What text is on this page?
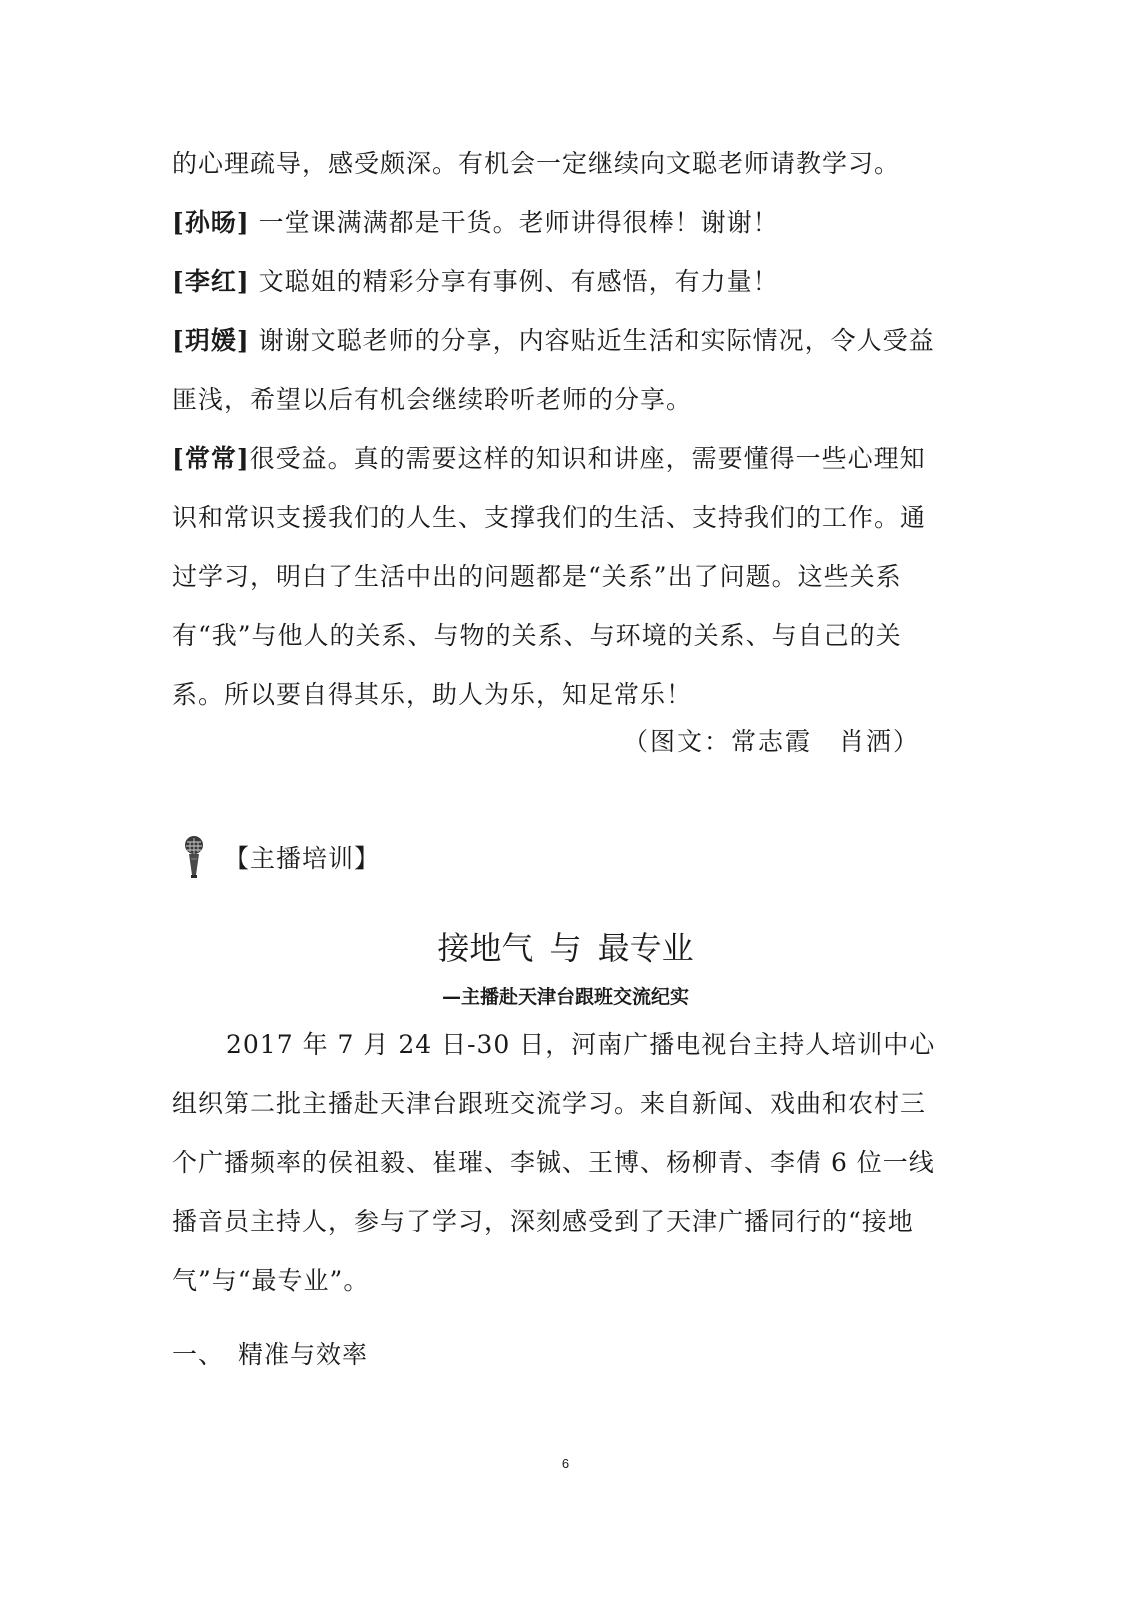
的心理疏导，感受颇深。有机会一定继续向文聪老师请教学习。

[孙旸] 一堂课满满都是干货。老师讲得很棒！谢谢！

[李红] 文聪姐的精彩分享有事例、有感悟，有力量！

[玥媛] 谢谢文聪老师的分享，内容贴近生活和实际情况，令人受益匪浅，希望以后有机会继续聆听老师的分享。

[常常]很受益。真的需要这样的知识和讲座，需要懂得一些心理知识和常识支援我们的人生、支撑我们的生活、支持我们的工作。通过学习，明白了生活中出的问题都是“关系”出了问题。这些关系有“我”与他人的关系、与物的关系、与环境的关系、与自己的关系。所以要自得其乐，助人为乐，知足常乐！

（图文：常志霞　肖洒）
【主播培训】
接地气 与 最专业
—主播赴天津台跟班交流纪实

2017 年 7 月 24 日-30 日，河南广播电视台主持人培训中心组织第二批主播赴天津台跟班交流学习。来自新闻、戏曲和农村三个广播频率的侯祖毅、崔璀、李铖、王博、杨柳青、李倩 6 位一线播音员主持人，参与了学习，深刻感受到了天津广播同行的“接地气”与“最专业”。

一、 精准与效率
6
